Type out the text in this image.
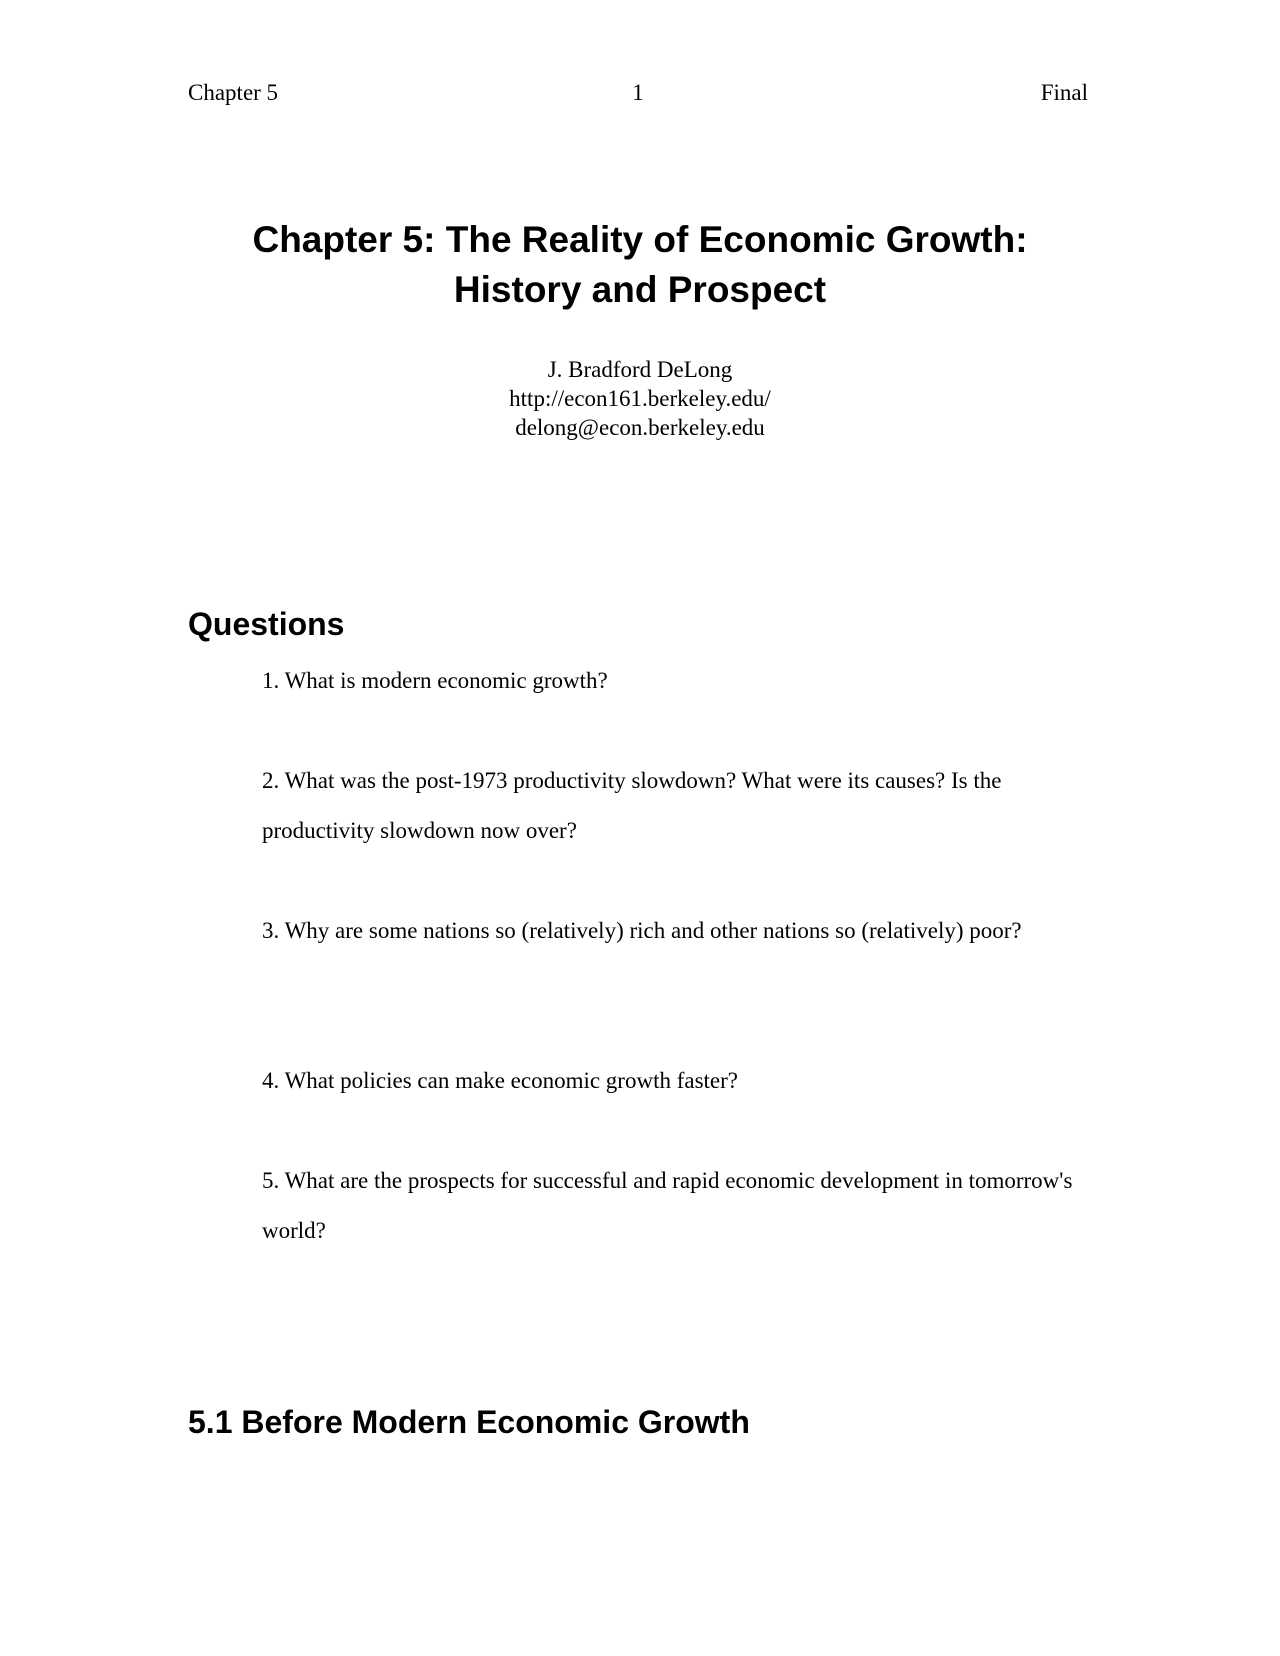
Chapter 5	1	Final
Chapter 5: The Reality of Economic Growth:
History and Prospect
J. Bradford DeLong
http://econ161.berkeley.edu/
delong@econ.berkeley.edu
Questions
1. What is modern economic growth?
2. What was the post-1973 productivity slowdown? What were its causes? Is the productivity slowdown now over?
3. Why are some nations so (relatively) rich and other nations so (relatively) poor?
4. What policies can make economic growth faster?
5. What are the prospects for successful and rapid economic development in tomorrow's world?
5.1 Before Modern Economic Growth
